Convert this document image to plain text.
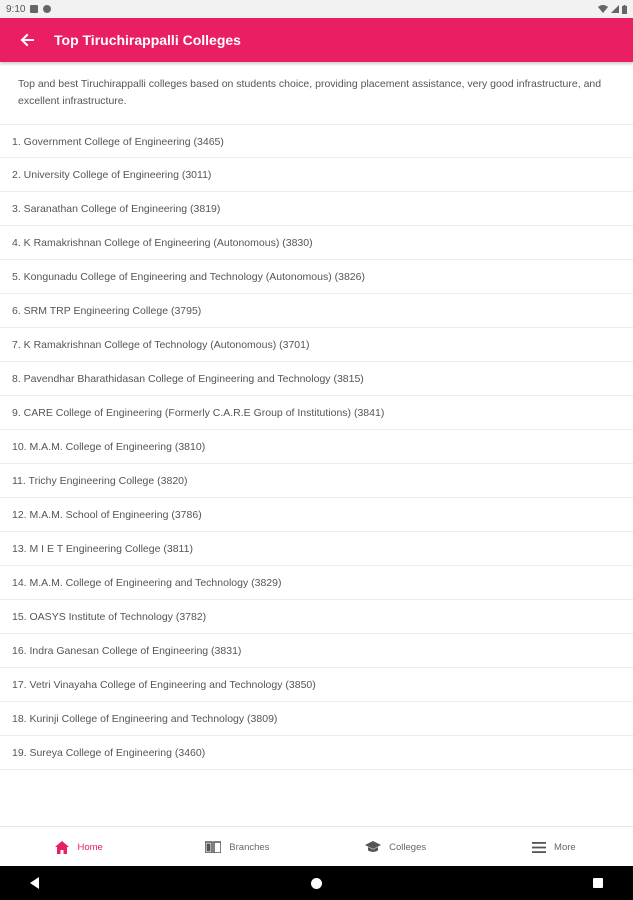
9:10
Top Tiruchirappalli Colleges
Top and best Tiruchirappalli colleges based on students choice, providing placement assistance, very good infrastructure, and excellent infrastructure.
1. Government College of Engineering (3465)
2. University College of Engineering (3011)
3. Saranathan College of Engineering (3819)
4. K Ramakrishnan College of Engineering (Autonomous) (3830)
5. Kongunadu College of Engineering and Technology (Autonomous) (3826)
6. SRM TRP Engineering College (3795)
7. K Ramakrishnan College of Technology (Autonomous) (3701)
8. Pavendhar Bharathidasan College of Engineering and Technology (3815)
9. CARE College of Engineering (Formerly C.A.R.E Group of Institutions) (3841)
10. M.A.M. College of Engineering (3810)
11. Trichy Engineering College (3820)
12. M.A.M. School of Engineering (3786)
13. M I E T Engineering College (3811)
14. M.A.M. College of Engineering and Technology (3829)
15. OASYS Institute of Technology (3782)
16. Indra Ganesan College of Engineering (3831)
17. Vetri Vinayaha College of Engineering and Technology (3850)
18. Kurinji College of Engineering and Technology (3809)
19. Sureya College of Engineering (3460)
Home	Branches	Colleges	More
